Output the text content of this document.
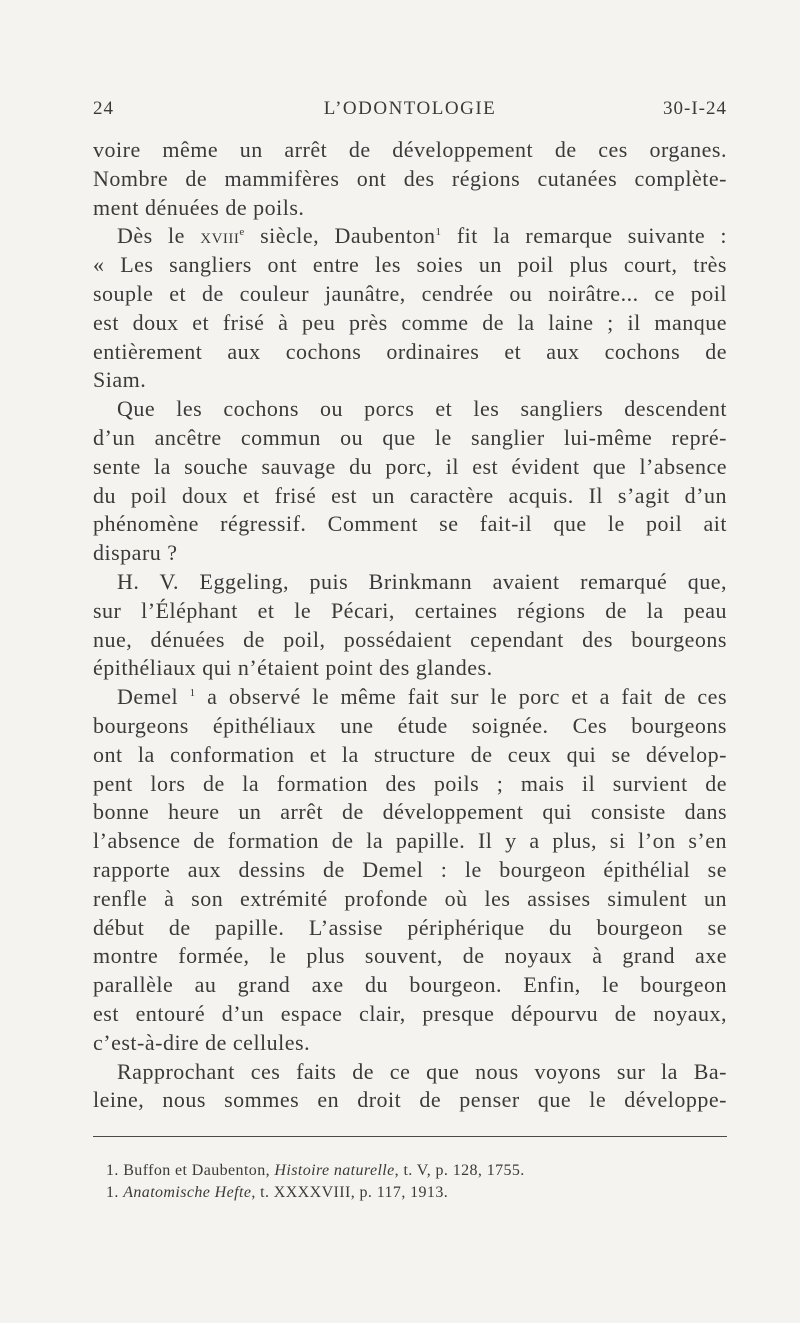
24	L’ODONTOLOGIE	30-I-24
voire même un arrêt de développement de ces organes.
Nombre de mammifères ont des régions cutanées complète-
ment dénuées de poils.
Dès le xviii$^e$ siècle, Daubenton$^1$ fit la remarque suivante :
« Les sangliers ont entre les soies un poil plus court, très
souple et de couleur jaunâtre, cendrée ou noirâtre... ce poil
est doux et frisé à peu près comme de la laine ; il manque
entièrement aux cochons ordinaires et aux cochons de
Siam.
Que les cochons ou porcs et les sangliers descendent
d’un ancêtre commun ou que le sanglier lui-même repré-
sente la souche sauvage du porc, il est évident que l’absence
du poil doux et frisé est un caractère acquis. Il s’agit d’un
phénomène régressif. Comment se fait-il que le poil ait
disparu ?
H. V. Eggeling, puis Brinkmann avaient remarqué que,
sur l’Éléphant et le Pécari, certaines régions de la peau
nue, dénuées de poil, possédaient cependant des bourgeons
épithéliaux qui n’étaient point des glandes.
Demel $^1$ a observé le même fait sur le porc et a fait de ces
bourgeons épithéliaux une étude soignée. Ces bourgeons
ont la conformation et la structure de ceux qui se dévelop-
pent lors de la formation des poils ; mais il survient de
bonne heure un arrêt de développement qui consiste dans
l’absence de formation de la papille. Il y a plus, si l’on s’en
rapporte aux dessins de Demel : le bourgeon épithélial se
renfle à son extrémité profonde où les assises simulent un
début de papille. L’assise périphérique du bourgeon se
montre formée, le plus souvent, de noyaux à grand axe
parallèle au grand axe du bourgeon. Enfin, le bourgeon
est entouré d’un espace clair, presque dépourvu de noyaux,
c’est-à-dire de cellules.
Rapprochant ces faits de ce que nous voyons sur la Ba-
leine, nous sommes en droit de penser que le développe-
1. Buffon et Daubenton, Histoire naturelle, t. V, p. 128, 1755.
1. Anatomische Hefte, t. XXXXVIII, p. 117, 1913.
